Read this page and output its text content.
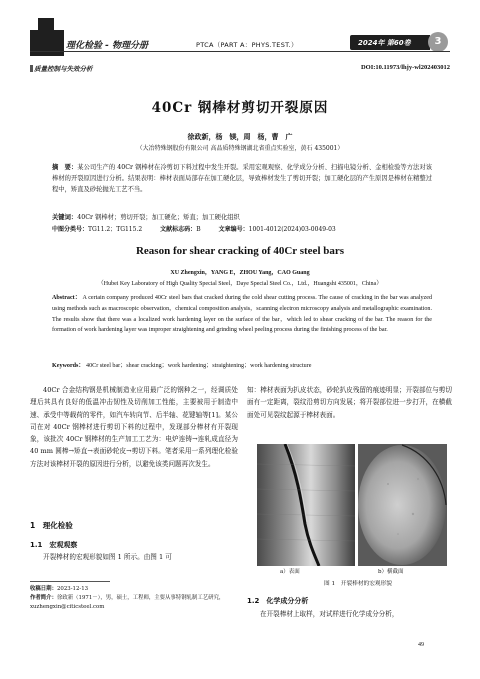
理化检验 - 物理分册	PTCA（PART A：PHYS.TEST.）	2024年 第60卷	3
质量控制与失效分析	DOI:10.11973/lhjy-wl202403012
40Cr 钢棒材剪切开裂原因
徐政新，杨　镁，周　杨，曹　广
（大冶特殊钢股份有限公司 高品质特殊钢湖北省重点实验室，黄石 435001）
摘　要：某公司生产的 40Cr 钢棒材在冷剪切下料过程中发生开裂。采用宏观观察、化学成分分析、扫描电镜分析、金相检验等方法对该棒材的开裂原因进行分析。结果表明：棒材表面局部存在加工硬化层，导致棒材发生了剪切开裂；加工硬化层的产生原因是棒材在精整过程中，矫直及砂轮抛光工艺不当。
关键词：40Cr 钢棒材；剪切开裂；加工硬化；矫直；加工硬化组织
中图分类号：TG11.2；TG115.2	文献标志码：B	文章编号：1001-4012(2024)03-0049-03
Reason for shear cracking of 40Cr steel bars
XU Zhengxin，YANG E，ZHOU Yang，CAO Guang
（Hubei Key Laboratory of High Quality Special Steel，Daye Special Steel Co.，Ltd.，Huangshi 435001，China）
Abstract： A certain company produced 40Cr steel bars that cracked during the cold shear cutting process. The cause of cracking in the bar was analyzed using methods such as macroscopic observation，chemical composition analysis，scanning electron microscopy analysis and metallographic examination. The results show that there was a localized work hardening layer on the surface of the bar，which led to shear cracking of the bar. The reason for the formation of work hardening layer was improper straightening and grinding wheel peeling process during the finishing process of the bar.
Keywords： 40Cr steel bar；shear cracking；work hardening；straightening；work hardening structure
40Cr 合金结构钢是机械制造业应用最广泛的钢种之一，经调质处理后其具有良好的低温冲击韧性及切削加工性能，主要被用于制造中速、承受中等载荷的零件，如汽车转向节、后半轴、花键轴等[1]。某公司在对 40Cr 钢棒材进行剪切下料的过程中，发现部分棒材有开裂现象，该批次 40Cr 钢棒材的生产加工工艺为：电炉连铸→连轧成直径为 40 mm 圆棒→矫直→表面砂轮皮→剪切下料。笔者采用一系列理化检验方法对该棒材开裂的原因进行分析，以避免该类问题再次发生。
1　理化检验
1.1　宏观观察
开裂棒材的宏观形貌如图 1 所示。由图 1 可
收稿日期：2023-12-13
作者简介：徐政新（1971－），男，硕士，工程师，主要从事特钢轧制工艺研究，xuzhengxin@citicsteel.com
知：棒材表面为扒皮状态，砂轮扒皮残留的痕迹明显；开裂部位与剪切面有一定距离，裂纹沿剪切方向发展；将开裂部位进一步打开，在横截面处可见裂纹起源于棒材表面。
a）表面	b）横截面
图 1　开裂棒材的宏观形貌
1.2　化学成分分析
在开裂棒材上取样，对试样进行化学成分分析，
49
